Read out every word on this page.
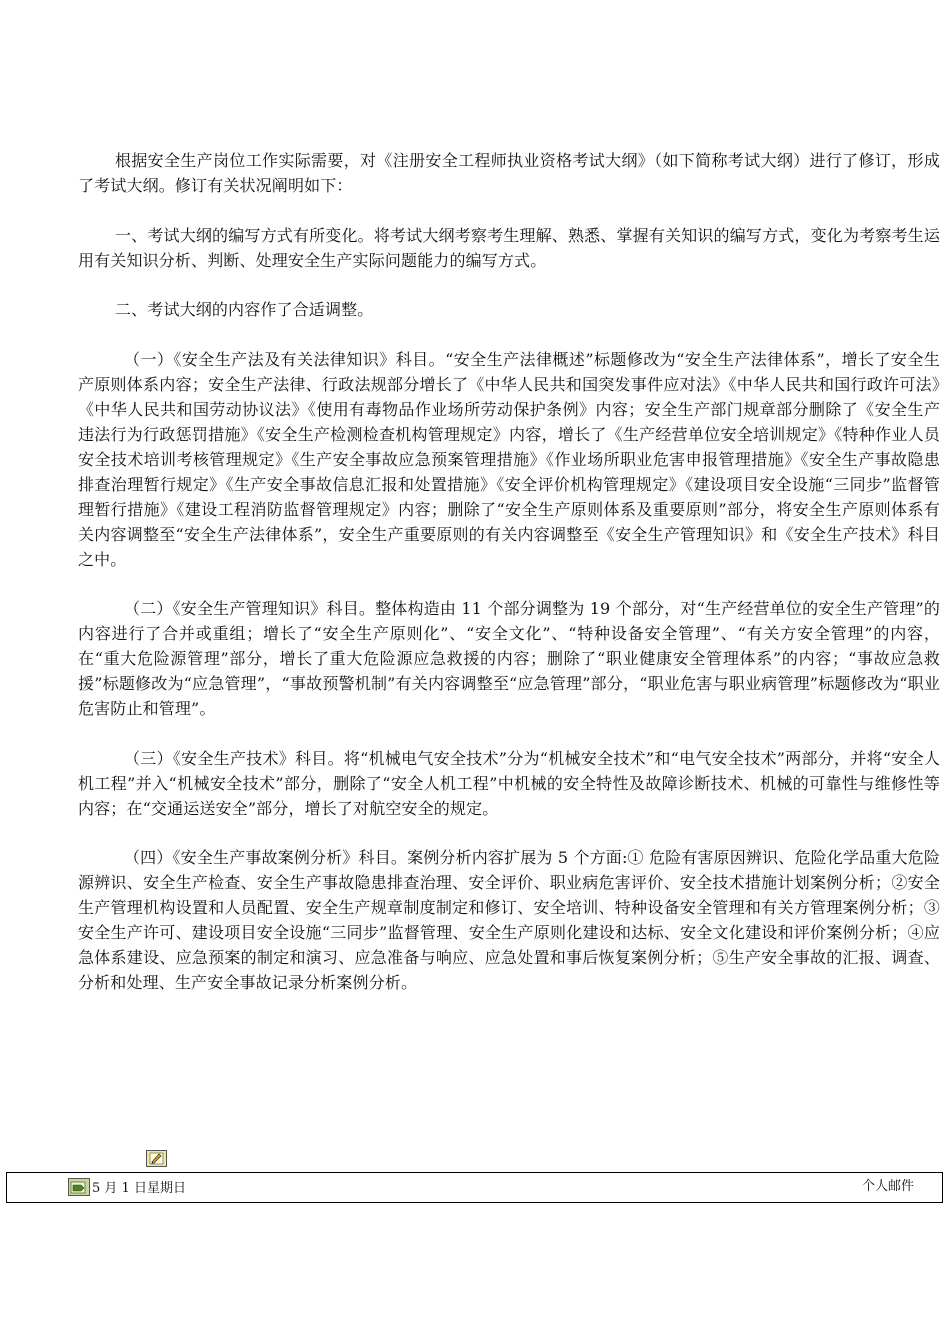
根据安全生产岗位工作实际需要，对《注册安全工程师执业资格考试大纲》（如下简称考试大纲）进行了修订，形成了考试大纲。修订有关状况阐明如下：

一、考试大纲的编写方式有所变化。将考试大纲考察考生理解、熟悉、掌握有关知识的编写方式，变化为考察考生运用有关知识分析、判断、处理安全生产实际问题能力的编写方式。

二、考试大纲的内容作了合适调整。

（一）《安全生产法及有关法律知识》科目。“安全生产法律概述”标题修改为“安全生产法律体系”，增长了安全生产原则体系内容；安全生产法律、行政法规部分增长了《中华人民共和国突发事件应对法》《中华人民共和国行政许可法》《中华人民共和国劳动协议法》《使用有毒物品作业场所劳动保护条例》内容；安全生产部门规章部分删除了《安全生产违法行为行政惩罚措施》《安全生产检测检查机构管理规定》内容，增长了《生产经营单位安全培训规定》《特种作业人员安全技术培训考核管理规定》《生产安全事故应急预案管理措施》《作业场所职业危害申报管理措施》《安全生产事故隐患排查治理暂行规定》《生产安全事故信息汇报和处置措施》《安全评价机构管理规定》《建设项目安全设施“三同步”监督管理暂行措施》《建设工程消防监督管理规定》内容；删除了“安全生产原则体系及重要原则”部分，将安全生产原则体系有关内容调整至“安全生产法律体系”，安全生产重要原则的有关内容调整至《安全生产管理知识》和《安全生产技术》科目之中。

（二）《安全生产管理知识》科目。整体构造由 11 个部分调整为 19 个部分，对“生产经营单位的安全生产管理”的内容进行了合并或重组；增长了“安全生产原则化”、“安全文化”、“特种设备安全管理”、“有关方安全管理”的内容，在“重大危险源管理”部分，增长了重大危险源应急救援的内容；删除了“职业健康安全管理体系”的内容；“事故应急救援”标题修改为“应急管理”，“事故预警机制”有关内容调整至“应急管理”部分，“职业危害与职业病管理”标题修改为“职业危害防止和管理”。

（三）《安全生产技术》科目。将“机械电气安全技术”分为“机械安全技术”和“电气安全技术”两部分，并将“安全人机工程”并入“机械安全技术”部分，删除了“安全人机工程”中机械的安全特性及故障诊断技术、机械的可靠性与维修性等内容；在“交通运送安全”部分，增长了对航空安全的规定。

（四）《安全生产事故案例分析》科目。案例分析内容扩展为 5 个方面:① 危险有害原因辨识、危险化学品重大危险源辨识、安全生产检查、安全生产事故隐患排查治理、安全评价、职业病危害评价、安全技术措施计划案例分析；②安全生产管理机构设置和人员配置、安全生产规章制度制定和修订、安全培训、特种设备安全管理和有关方管理案例分析；③安全生产许可、建设项目安全设施“三同步”监督管理、安全生产原则化建设和达标、安全文化建设和评价案例分析；④应急体系建设、应急预案的制定和演习、应急准备与响应、应急处置和事后恢复案例分析；⑤生产安全事故的汇报、调查、分析和处理、生产安全事故记录分析案例分析。

5 月 1 日星期日	个人邮件
